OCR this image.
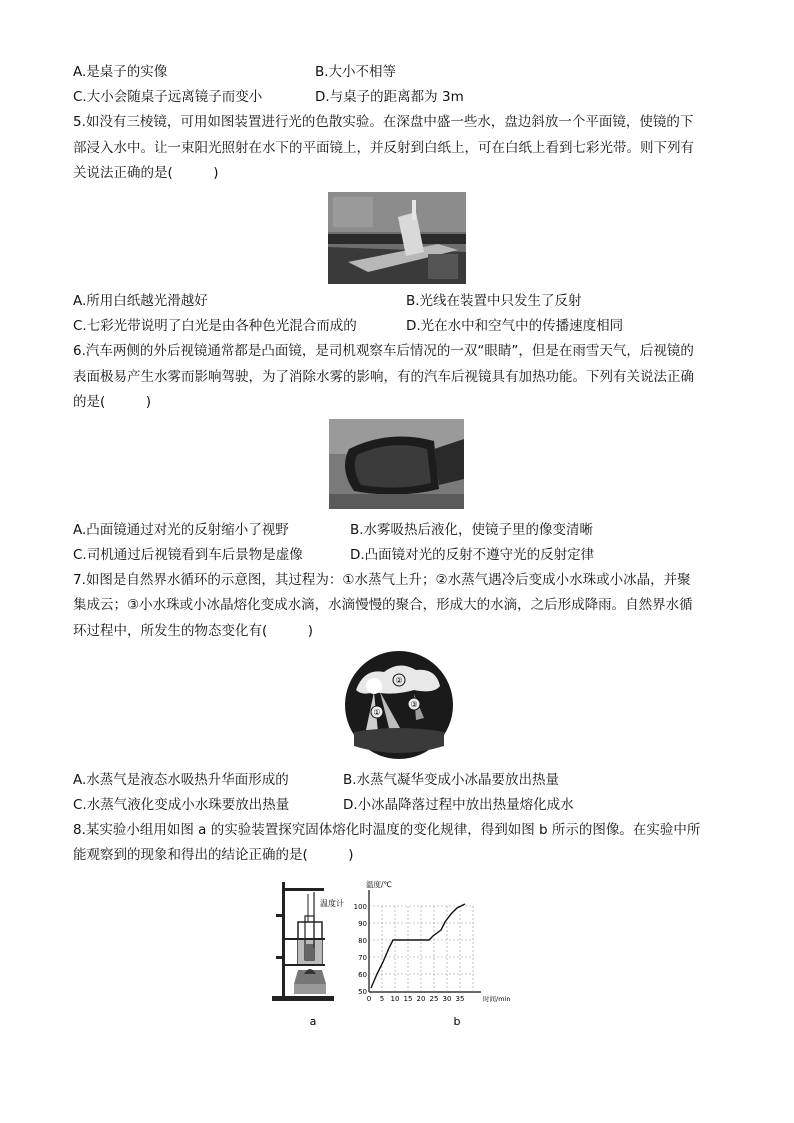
A.是桌子的实像	B.大小不相等
C.大小会随桌子远离镜子而变小	D.与桌子的距离都为 3m
5.如没有三棱镜，可用如图装置进行光的色散实验。在深盘中盛一些水，盘边斜放一个平面镜，使镜的下
部浸入水中。让一束阳光照射在水下的平面镜上，并反射到白纸上，可在白纸上看到七彩光带。则下列有
关说法正确的是(　　　)
A.所用白纸越光滑越好	B.光线在装置中只发生了反射
C.七彩光带说明了白光是由各种色光混合而成的	D.光在水中和空气中的传播速度相同
6.汽车两侧的外后视镜通常都是凸面镜，是司机观察车后情况的一双“眼睛”，但是在雨雪天气，后视镜的
表面极易产生水雾而影响驾驶，为了消除水雾的影响，有的汽车后视镜具有加热功能。下列有关说法正确
的是(　　　)
A.凸面镜通过对光的反射缩小了视野	B.水雾吸热后液化，使镜子里的像变清晰
C.司机通过后视镜看到车后景物是虚像	D.凸面镜对光的反射不遵守光的反射定律
7.如图是自然界水循环的示意图，其过程为：①水蒸气上升；②水蒸气遇冷后变成小水珠或小冰晶，并聚
集成云；③小水珠或小冰晶熔化变成水滴，水滴慢慢的聚合，形成大的水滴，之后形成降雨。自然界水循
环过程中，所发生的物态变化有(　　　)
②
③
①
A.水蒸气是液态水吸热升华面形成的	B.水蒸气凝华变成小冰晶要放出热量
C.水蒸气液化变成小水珠要放出热量	D.小冰晶降落过程中放出热量熔化成水
8.某实验小组用如图 a 的实验装置探究固体熔化时温度的变化规律，得到如图 b 所示的图像。在实验中所
能观察到的现象和得出的结论正确的是(　　　)
温度计
a
温度/℃
100
90
80
70
60
50
0 5 10 15 20 25 30 35	时间/min
b
